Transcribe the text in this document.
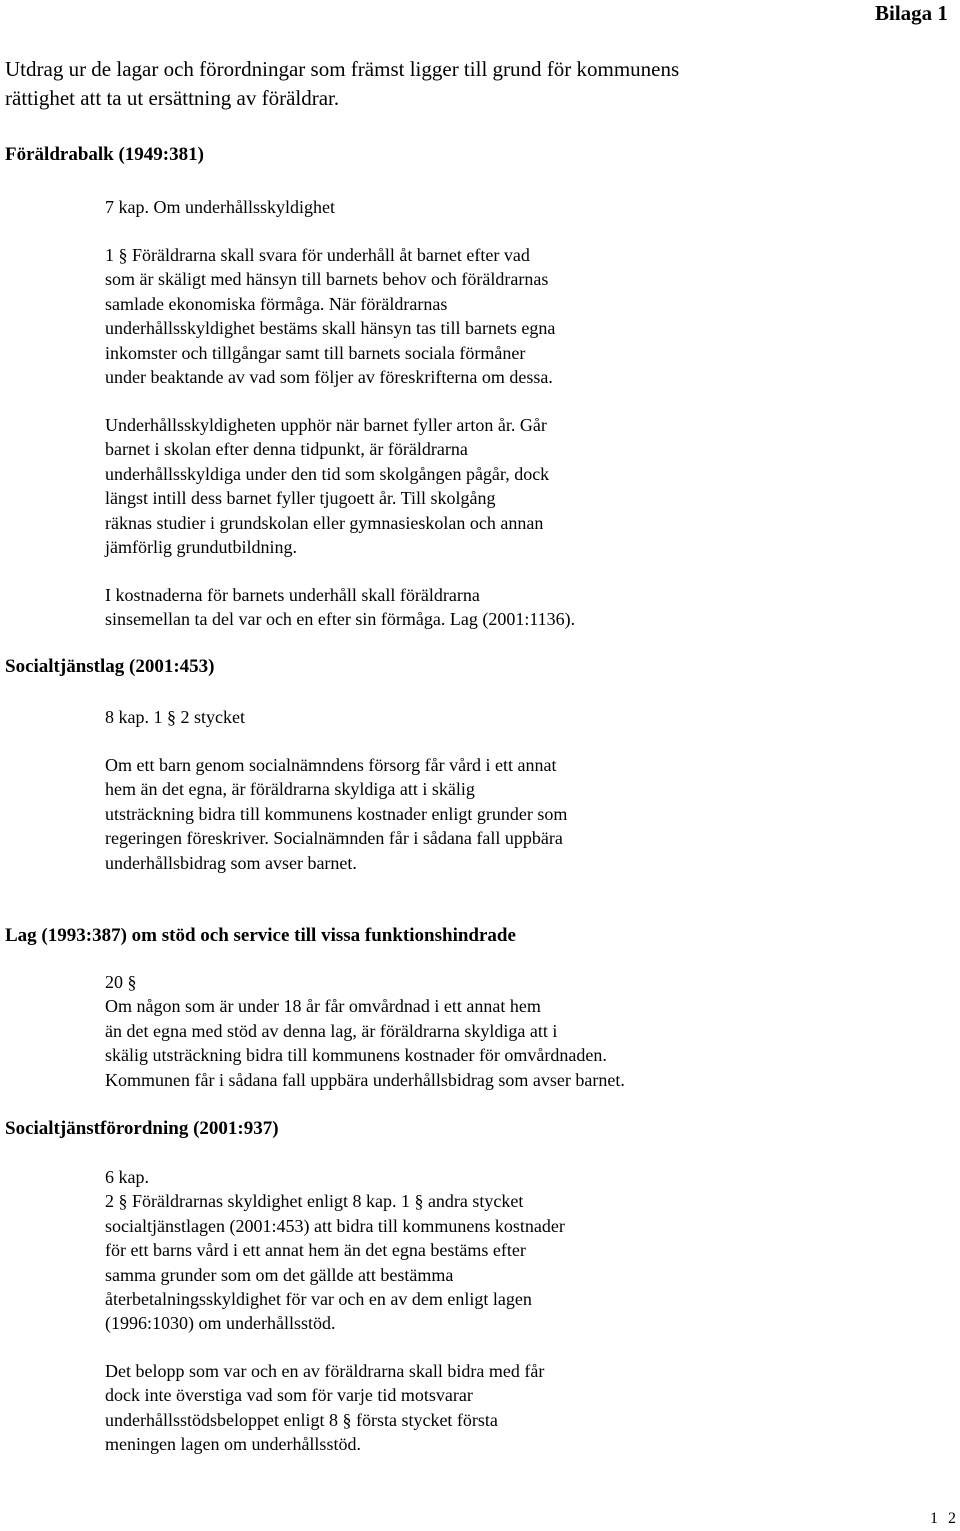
Bilaga 1
Utdrag ur de lagar och förordningar som främst ligger till grund för kommunens
rättighet att ta ut ersättning av föräldrar.
Föräldrabalk (1949:381)
7 kap. Om underhållsskyldighet
1 § Föräldrarna skall svara för underhåll åt barnet efter vad
som är skäligt med hänsyn till barnets behov och föräldrarnas
samlade ekonomiska förmåga. När föräldrarnas
underhållsskyldighet bestäms skall hänsyn tas till barnets egna
inkomster och tillgångar samt till barnets sociala förmåner
under beaktande av vad som följer av föreskrifterna om dessa.
Underhållsskyldigheten upphör när barnet fyller arton år. Går
barnet i skolan efter denna tidpunkt, är föräldrarna
underhållsskyldiga under den tid som skolgången pågår, dock
längst intill dess barnet fyller tjugoett år. Till skolgång
räknas studier i grundskolan eller gymnasieskolan och annan
jämförlig grundutbildning.
I kostnaderna för barnets underhåll skall föräldrarna
sinsemellan ta del var och en efter sin förmåga. Lag (2001:1136).
Socialtjänstlag (2001:453)
8 kap. 1 § 2 stycket
Om ett barn genom socialnämndens försorg får vård i ett annat
hem än det egna, är föräldrarna skyldiga att i skälig
utsträckning bidra till kommunens kostnader enligt grunder som
regeringen föreskriver. Socialnämnden får i sådana fall uppbära
underhållsbidrag som avser barnet.
Lag (1993:387) om stöd och service till vissa funktionshindrade
20 §
Om någon som är under 18 år får omvårdnad i ett annat hem
än det egna med stöd av denna lag, är föräldrarna skyldiga att i
skälig utsträckning bidra till kommunens kostnader för omvårdnaden.
Kommunen får i sådana fall uppbära underhållsbidrag som avser barnet.
Socialtjänstförordning (2001:937)
6 kap.
2 § Föräldrarnas skyldighet enligt 8 kap. 1 § andra stycket
socialtjänstlagen (2001:453) att bidra till kommunens kostnader
för ett barns vård i ett annat hem än det egna bestäms efter
samma grunder som om det gällde att bestämma
återbetalningsskyldighet för var och en av dem enligt lagen
(1996:1030) om underhållsstöd.
Det belopp som var och en av föräldrarna skall bidra med får
dock inte överstiga vad som för varje tid motsvarar
underhållsstödsbeloppet enligt 8 § första stycket första
meningen lagen om underhållsstöd.
1 2
